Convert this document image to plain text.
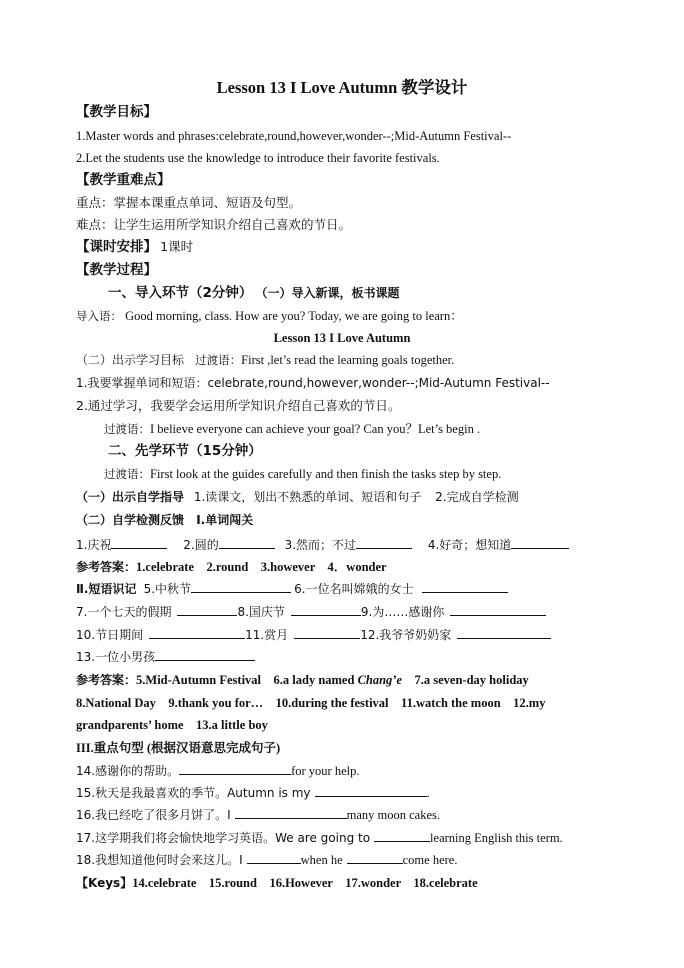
Lesson 13 I Love Autumn 教学设计
【教学目标】
1.Master words and phrases:celebrate,round,however,wonder--;Mid-Autumn Festival--
2.Let the students use the knowledge to introduce their favorite festivals.
【教学重难点】
重点：掌握本课重点单词、短语及句型。
难点：让学生运用所学知识介绍自己喜欢的节日。
【课时安排】 1课时
【教学过程】
一、导入环节（2分钟） （一）导入新课，板书课题
导入语： Good morning, class. How are you? Today, we are going to learn：
Lesson 13 I Love Autumn
（二）出示学习目标 过渡语：First ,let’s read the learning goals together.
1.我要掌握单词和短语：celebrate,round,however,wonder--;Mid-Autumn Festival--
2.通过学习，我要学会运用所学知识介绍自己喜欢的节日。
过渡语：I believe everyone can achieve your goal? Can you？Let’s begin .
二、先学环节（15分钟）
过渡语：First look at the guides carefully and then finish the tasks step by step.
（一）出示自学指导 1.读课文，划出不熟悉的单词、短语和句子 2.完成自学检测
（二）自学检测反馈 Ⅰ.单词闯关
1.庆祝	2.圆的	3.然而；不过	4.好奇；想知道
参考答案：1.celebrate　2.round　3.however　4．wonder
Ⅱ.短语识记 5.中秋节	6.一位名叫嫦娥的女士
7.一个七天的假期	8.国庆节	9.为……感谢你
10.节日期间	11.赏月	12.我爷爷奶奶家
13.一位小男孩
参考答案：5.Mid-Autumn Festival　6.a lady named Chang’e　7.a seven-day holiday
8.National Day　9.thank you for…　10.during the festival　11.watch the moon　12.my
grandparents’ home　13.a little boy
III.重点句型 (根据汉语意思完成句子)
14.感谢你的帮助。	for your help.
15.秋天是我最喜欢的季节。Autumn is my	.
16.我已经吃了很多月饼了。I	many moon cakes.
17.这学期我们将会愉快地学习英语。We are going to	learning English this term.
18.我想知道他何时会来这儿。I	when he	come here.
【Keys】14.celebrate　15.round　16.However　17.wonder　18.celebrate
